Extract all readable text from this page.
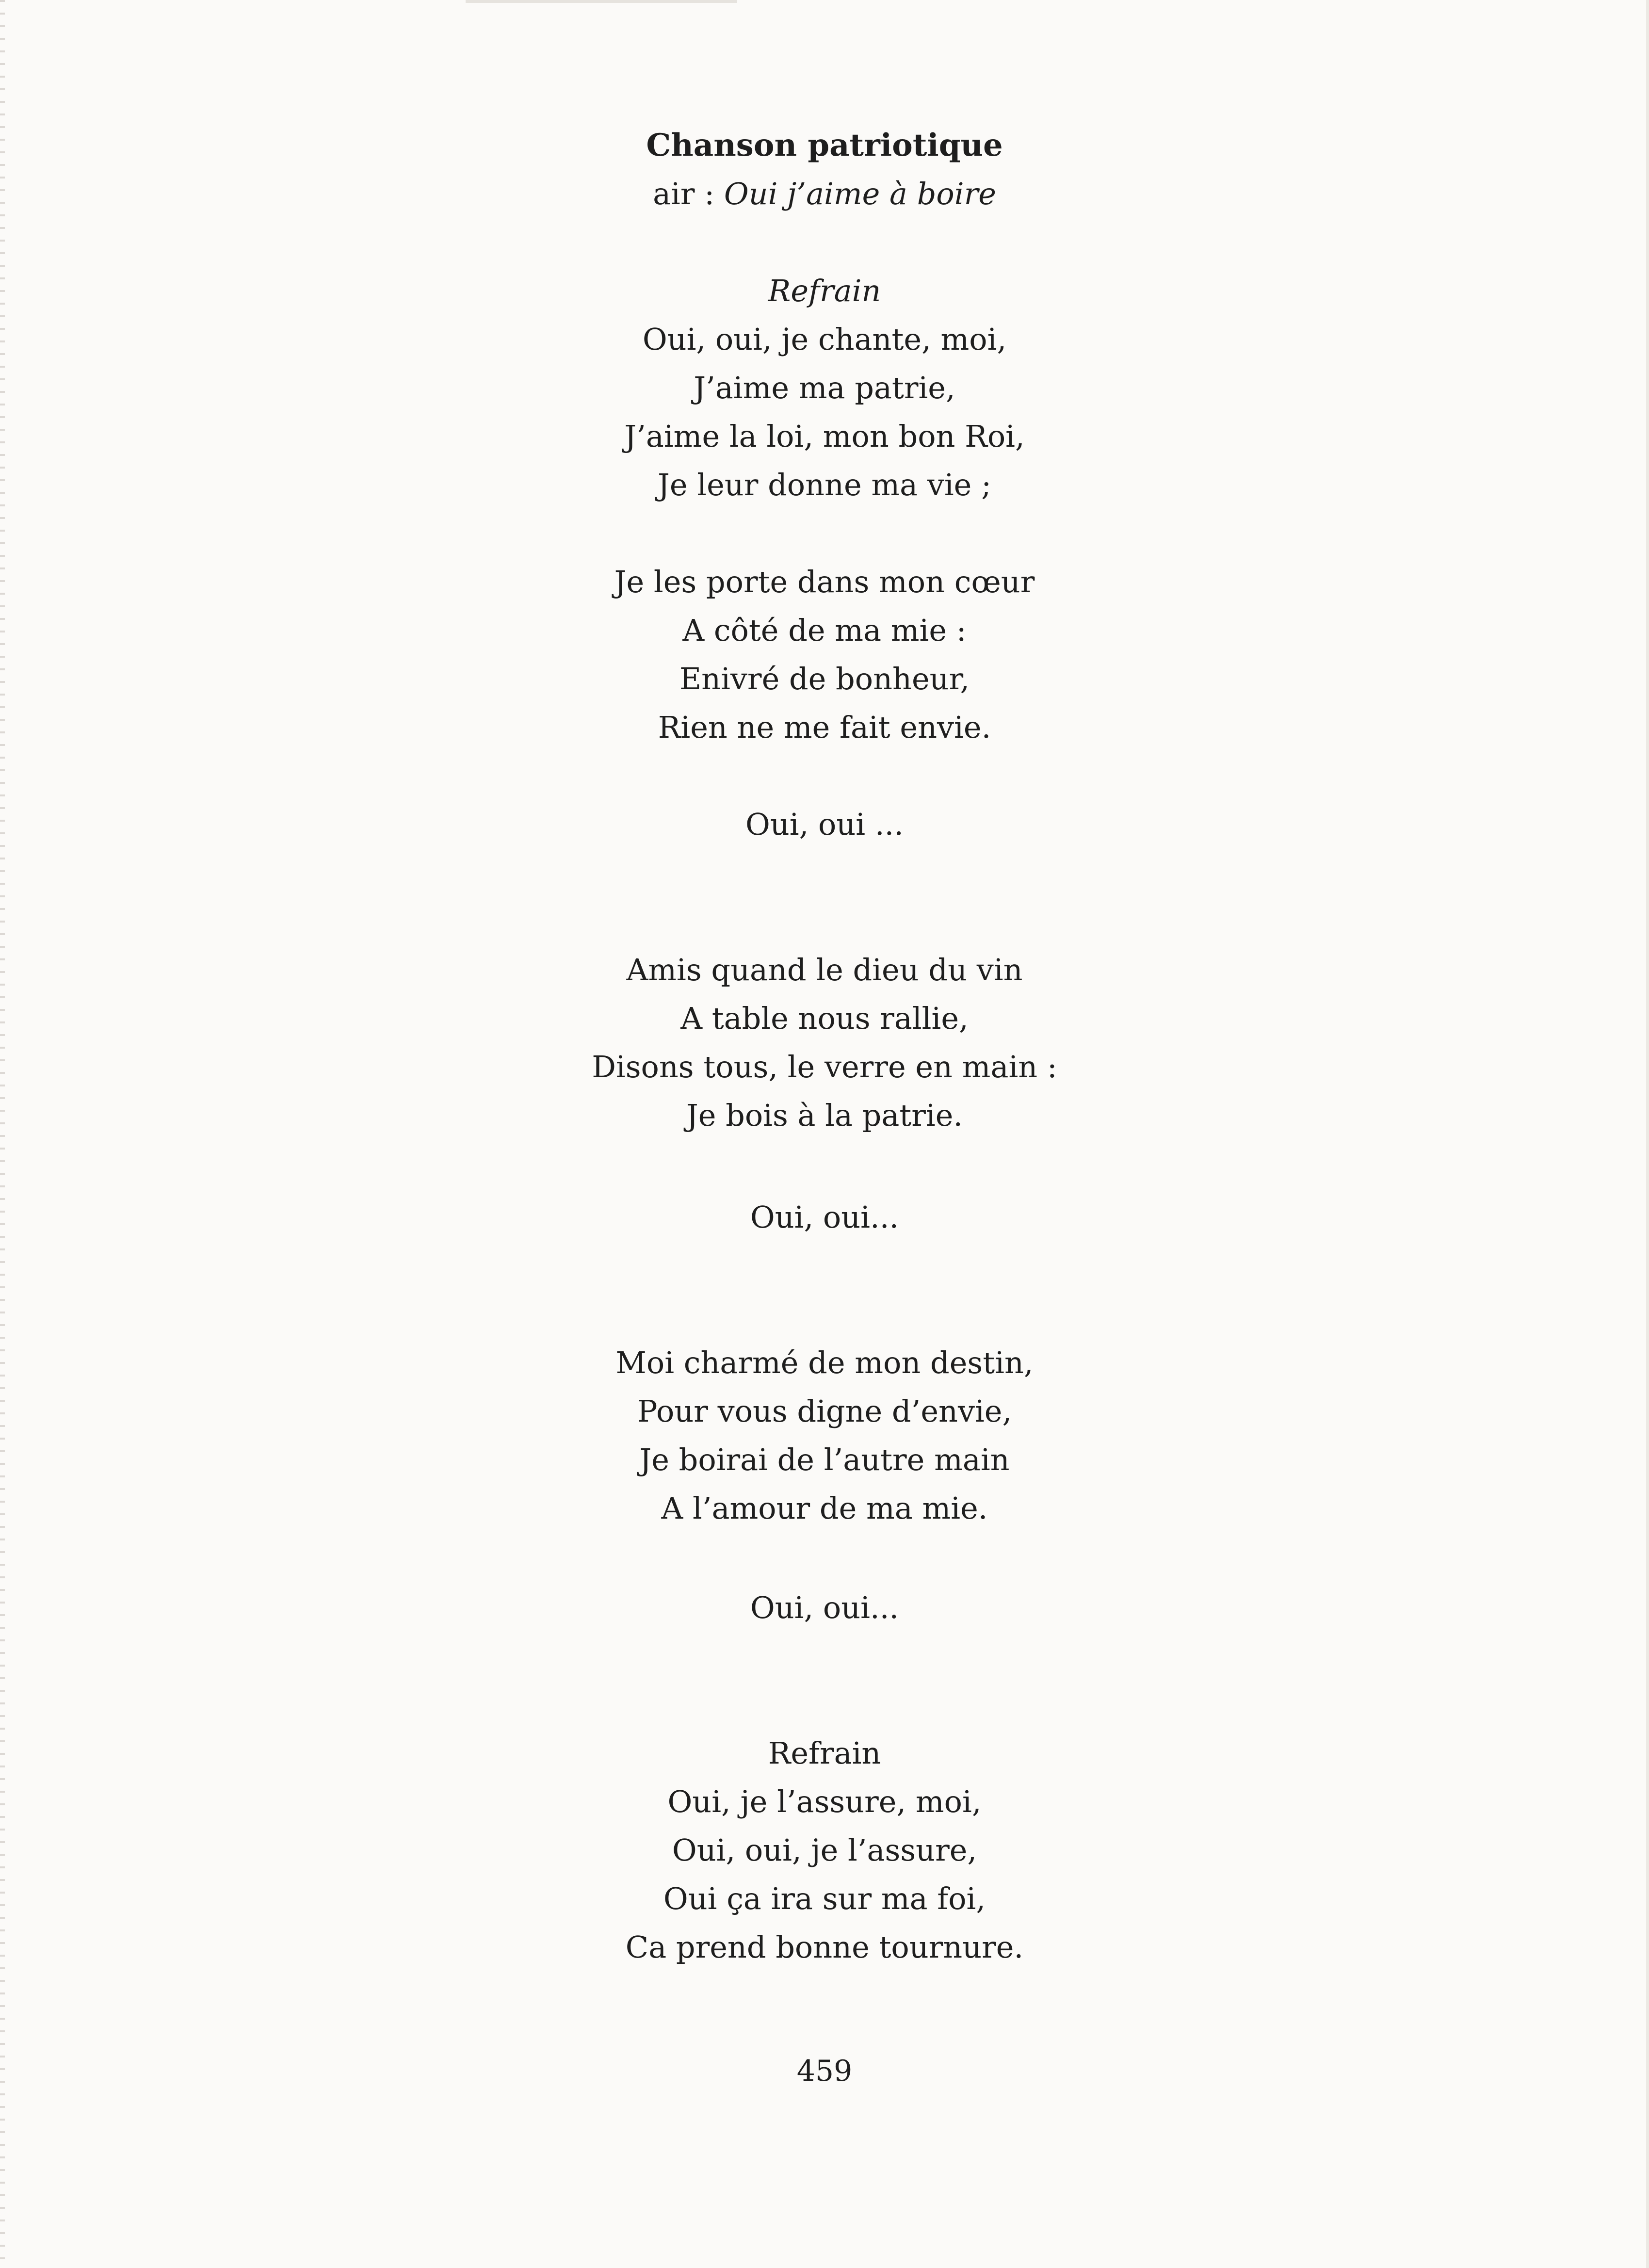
Chanson patriotique
air : Oui j’aime à boire
Refrain
Oui, oui, je chante, moi,
J’aime ma patrie,
J’aime la loi, mon bon Roi,
Je leur donne ma vie ;
Je les porte dans mon cœur
A côté de ma mie :
Enivré de bonheur,
Rien ne me fait envie.
Oui, oui ...
Amis quand le dieu du vin
A table nous rallie,
Disons tous, le verre en main :
Je bois à la patrie.
Oui, oui...
Moi charmé de mon destin,
Pour vous digne d’envie,
Je boirai de l’autre main
A l’amour de ma mie.
Oui, oui...
Refrain
Oui, je l’assure, moi,
Oui, oui, je l’assure,
Oui ça ira sur ma foi,
Ca prend bonne tournure.
459
